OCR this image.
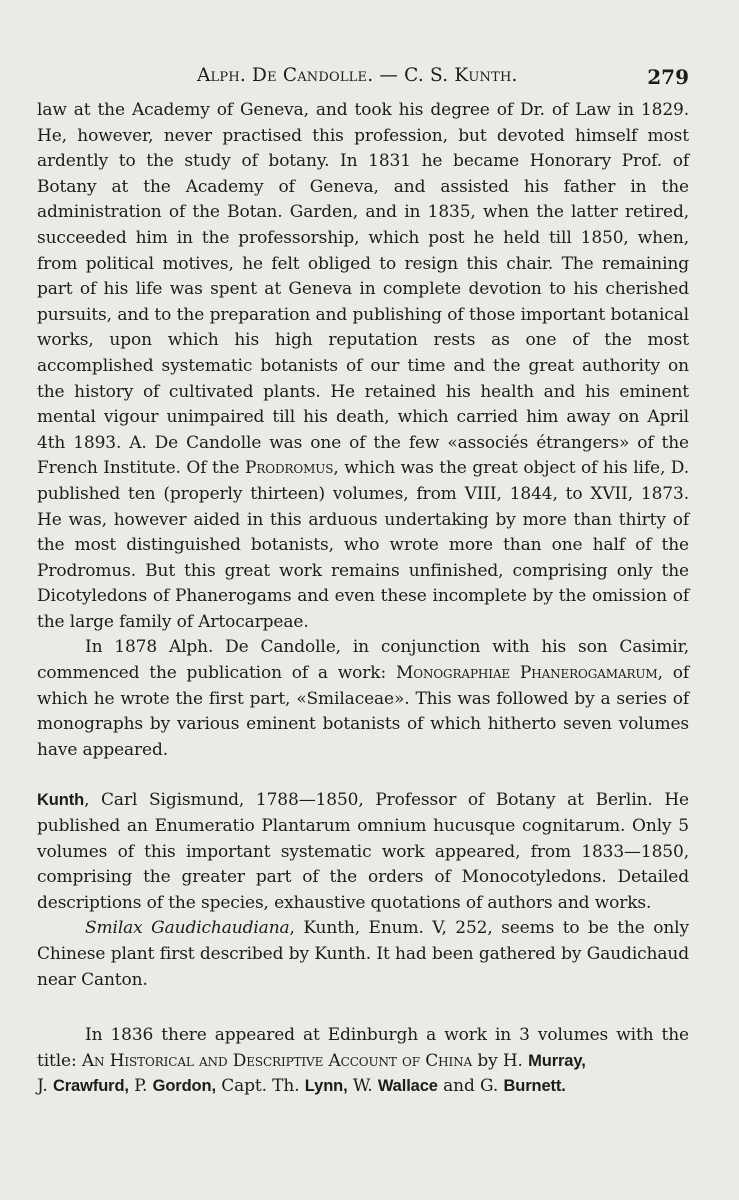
Alph. De Candolle. — C. S. Kunth.	279

law at the Academy of Geneva, and took his degree of Dr. of Law in 1829. He, however, never practised this profession, but devoted himself most ardently to the study of botany. In 1831 he became Honorary Prof. of Botany at the Academy of Geneva, and assisted his father in the administration of the Botan. Garden, and in 1835, when the latter retired, succeeded him in the professorship, which post he held till 1850, when, from political motives, he felt obliged to resign this chair. The remaining part of his life was spent at Geneva in complete devotion to his cherished pursuits, and to the preparation and publishing of those important botanical works, upon which his high reputation rests as one of the most accomplished systematic botanists of our time and the great authority on the history of cultivated plants. He retained his health and his eminent mental vigour unimpaired till his death, which carried him away on April 4th 1893. A. De Candolle was one of the few «associés étrangers» of the French Institute. Of the Prodromus, which was the great object of his life, D. published ten (properly thirteen) volumes, from VIII, 1844, to XVII, 1873. He was, however aided in this arduous undertaking by more than thirty of the most distinguished botanists, who wrote more than one half of the Prodromus. But this great work remains unfinished, comprising only the Dicotyledons of Phanerogams and even these incomplete by the omission of the large family of Artocarpeae.

In 1878 Alph. De Candolle, in conjunction with his son Casimir, commenced the publication of a work: Monographiae Phanerogamarum, of which he wrote the first part, «Smilaceae». This was followed by a series of monographs by various eminent botanists of which hitherto seven volumes have appeared.

Kunth, Carl Sigismund, 1788—1850, Professor of Botany at Berlin. He published an Enumeratio Plantarum omnium hucusque cognitarum. Only 5 volumes of this important systematic work appeared, from 1833—1850, comprising the greater part of the orders of Monocotyledons. Detailed descriptions of the species, exhaustive quotations of authors and works.

Smilax Gaudichaudiana, Kunth, Enum. V, 252, seems to be the only Chinese plant first described by Kunth. It had been gathered by Gaudichaud near Canton.

In 1836 there appeared at Edinburgh a work in 3 volumes with the title: An Historical and Descriptive Account of China by H. Murray,
J. Crawfurd, P. Gordon, Capt. Th. Lynn, W. Wallace and G. Burnett.
